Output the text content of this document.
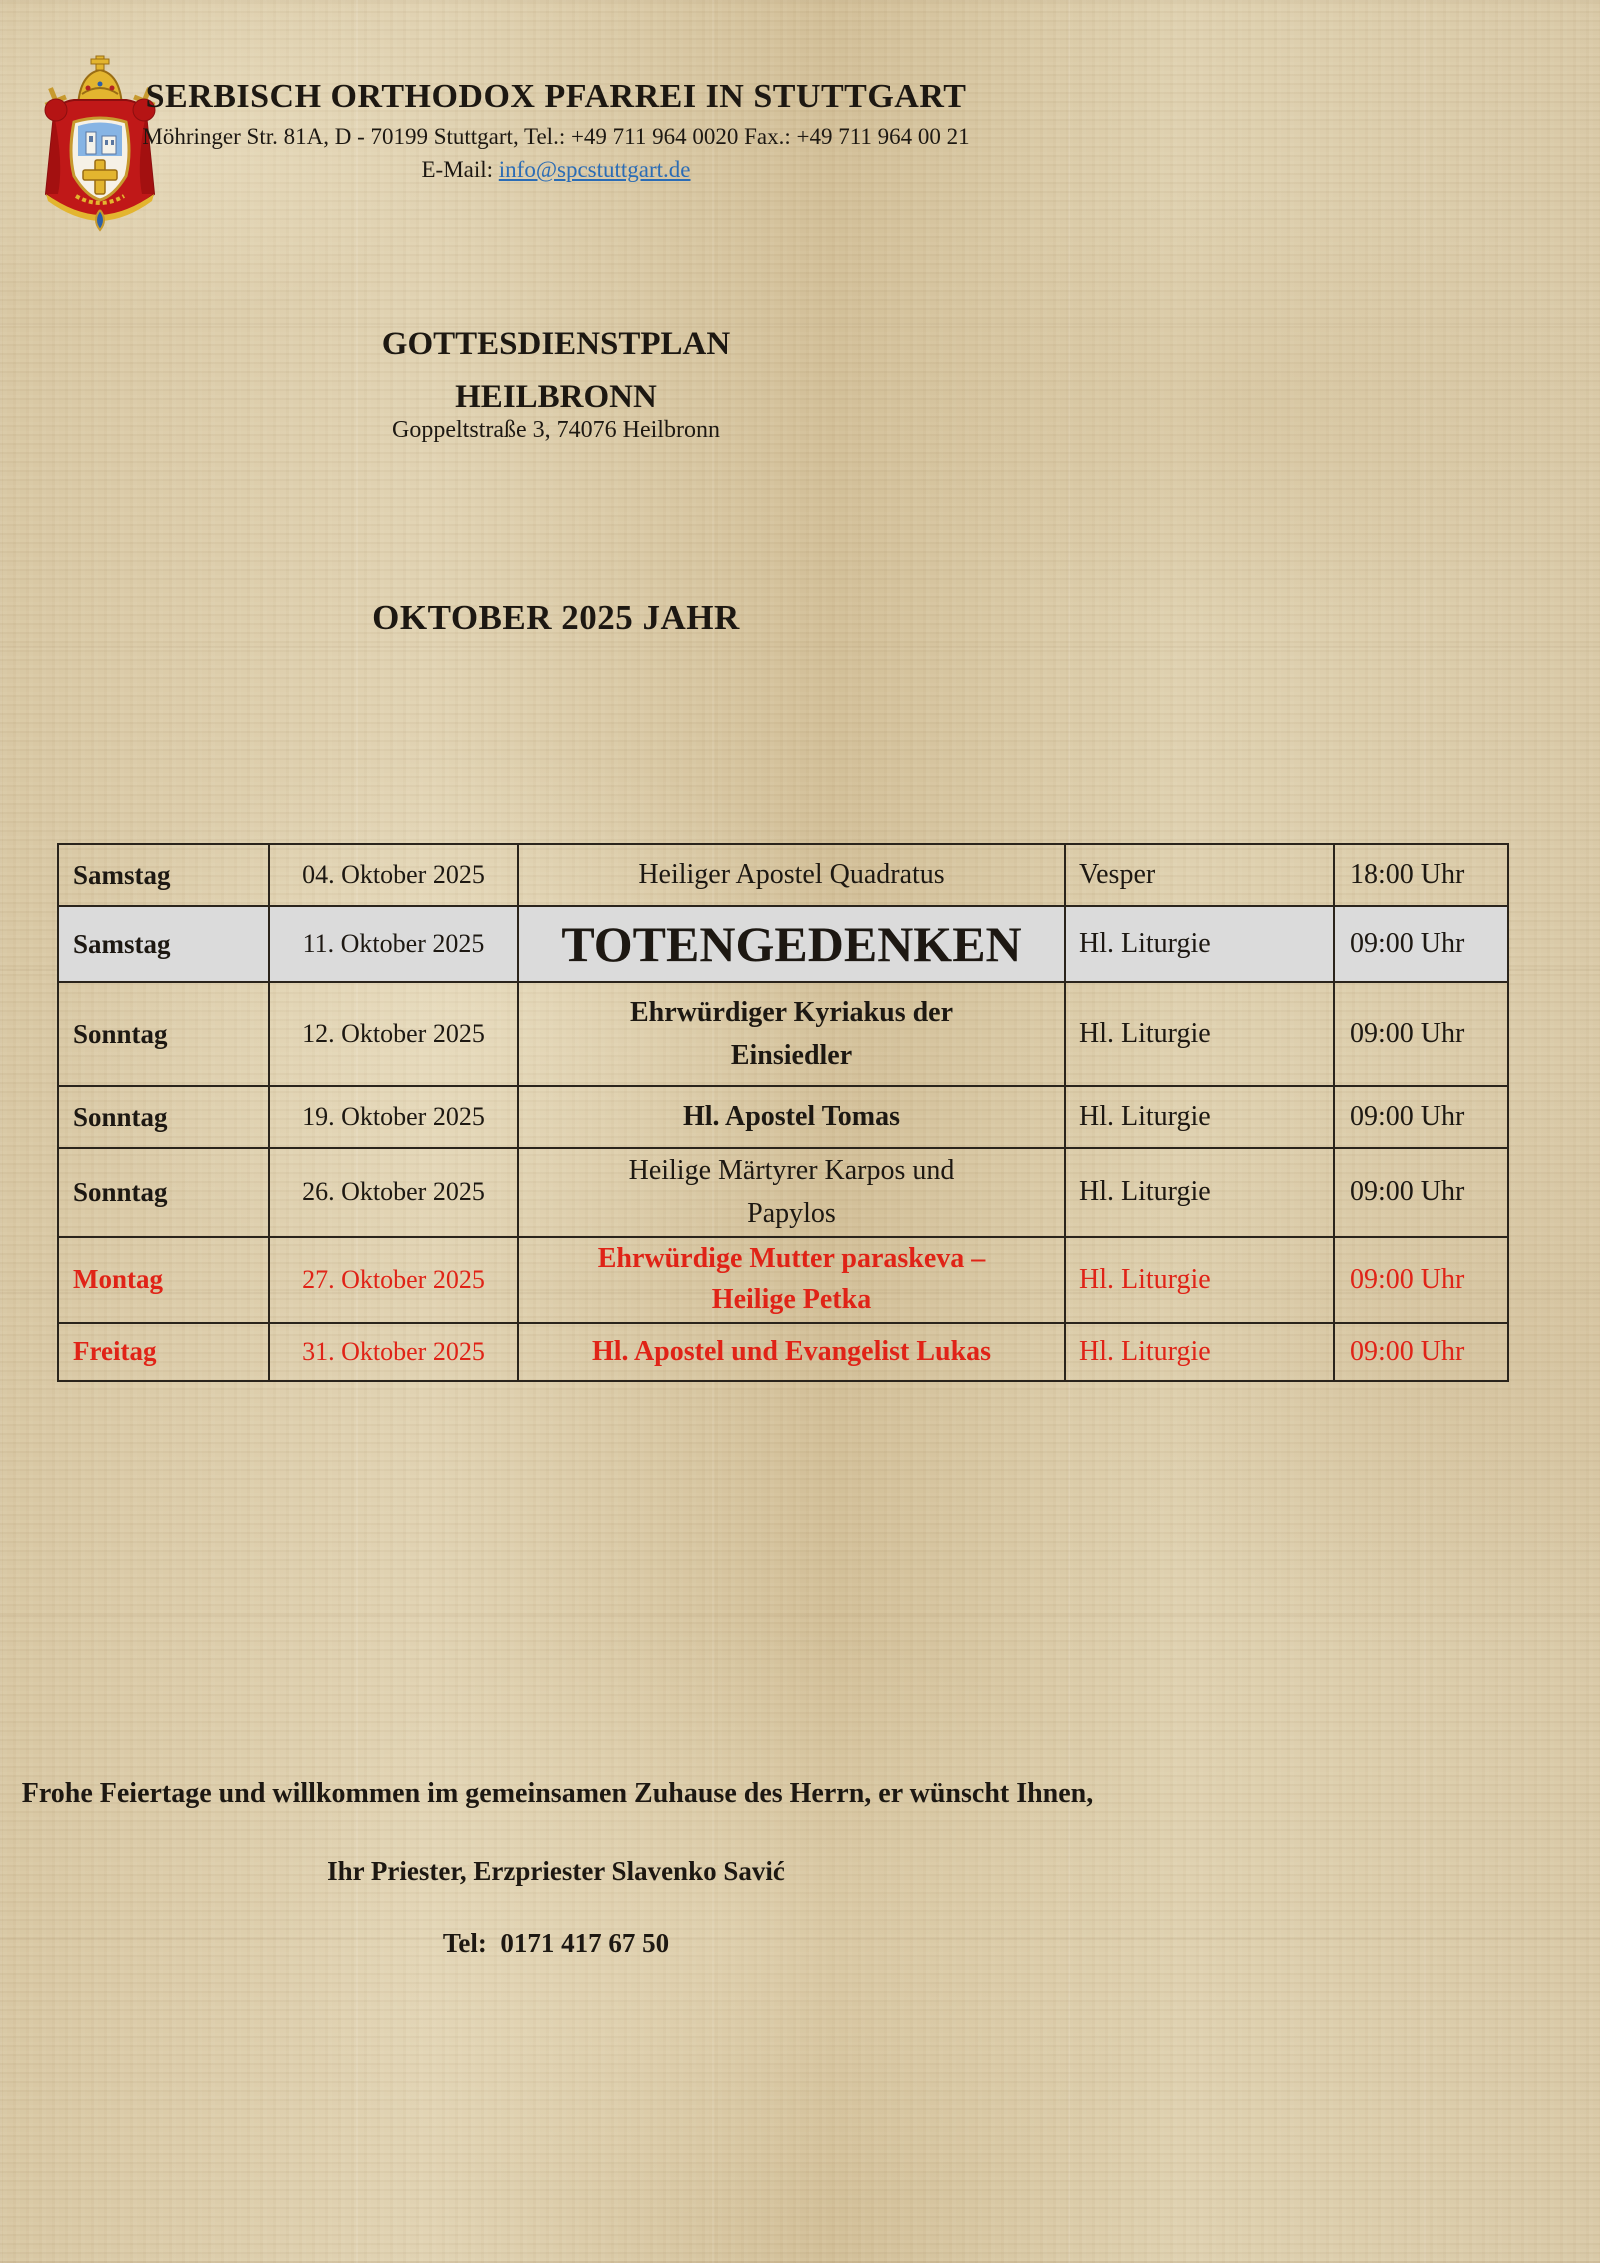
SERBISCH ORTHODOX PFARREI IN STUTTGART
Möhringer Str. 81A, D - 70199 Stuttgart, Tel.: +49 711 964 0020 Fax.: +49 711 964 00 21
E-Mail: info@spcstuttgart.de
GOTTESDIENSTPLAN
HEILBRONN
Goppeltstraße 3, 74076 Heilbronn
OKTOBER 2025 JAHR
Samstag	04. Oktober 2025	Heiliger Apostel Quadratus	Vesper	18:00 Uhr
Samstag	11. Oktober 2025	TOTENGEDENKEN	Hl. Liturgie	09:00 Uhr
Sonntag	12. Oktober 2025	Ehrwürdiger Kyriakus der Einsiedler	Hl. Liturgie	09:00 Uhr
Sonntag	19. Oktober 2025	Hl. Apostel Tomas	Hl. Liturgie	09:00 Uhr
Sonntag	26. Oktober 2025	Heilige Märtyrer Karpos und Papylos	Hl. Liturgie	09:00 Uhr
Montag	27. Oktober 2025	Ehrwürdige Mutter paraskeva – Heilige Petka	Hl. Liturgie	09:00 Uhr
Freitag	31. Oktober 2025	Hl. Apostel und Evangelist Lukas	Hl. Liturgie	09:00 Uhr
Frohe Feiertage und willkommen im gemeinsamen Zuhause des Herrn, er wünscht Ihnen,
Ihr Priester, Erzpriester Slavenko Savić
Tel:  0171 417 67 50
